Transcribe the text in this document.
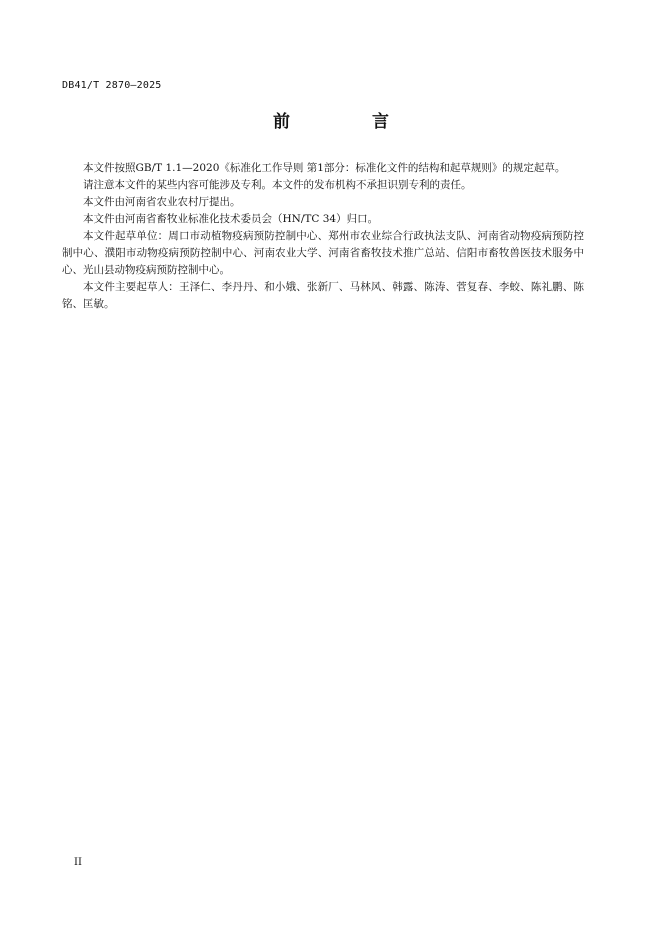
DB41/T 2870—2025
前 言

本文件按照GB/T 1.1—2020《标准化工作导则 第1部分：标准化文件的结构和起草规则》的规定起草。

请注意本文件的某些内容可能涉及专利。本文件的发布机构不承担识别专利的责任。

本文件由河南省农业农村厅提出。

本文件由河南省畜牧业标准化技术委员会（HN/TC 34）归口。

本文件起草单位：周口市动植物疫病预防控制中心、郑州市农业综合行政执法支队、河南省动物疫病预防控制中心、濮阳市动物疫病预防控制中心、河南农业大学、河南省畜牧技术推广总站、信阳市畜牧兽医技术服务中心、光山县动物疫病预防控制中心。

本文件主要起草人：王泽仁、李丹丹、和小娥、张新厂、马林风、韩露、陈涛、菅复春、李蛟、陈礼鹏、陈铭、匡敏。

II
